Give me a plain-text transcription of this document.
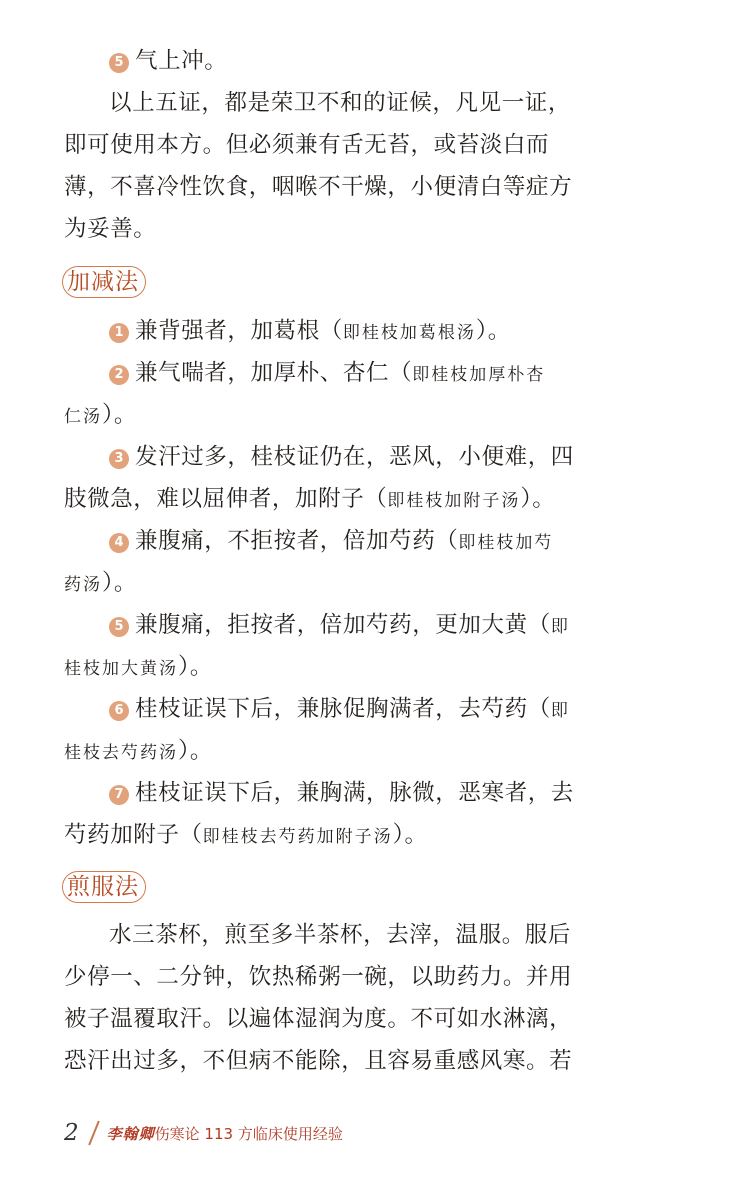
5 气上冲。
以上五证，都是荣卫不和的证候，凡见一证，
即可使用本方。但必须兼有舌无苔，或苔淡白而
薄，不喜冷性饮食，咽喉不干燥，小便清白等症方
为妥善。
加减法
1 兼背强者，加葛根（即桂枝加葛根汤）。
2 兼气喘者，加厚朴、杏仁（即桂枝加厚朴杏
仁汤）。
3 发汗过多，桂枝证仍在，恶风，小便难，四
肢微急，难以屈伸者，加附子（即桂枝加附子汤）。
4 兼腹痛，不拒按者，倍加芍药（即桂枝加芍
药汤）。
5 兼腹痛，拒按者，倍加芍药，更加大黄（即
桂枝加大黄汤）。
6 桂枝证误下后，兼脉促胸满者，去芍药（即
桂枝去芍药汤）。
7 桂枝证误下后，兼胸满，脉微，恶寒者，去
芍药加附子（即桂枝去芍药加附子汤）。
煎服法
水三茶杯，煎至多半茶杯，去滓，温服。服后
少停一、二分钟，饮热稀粥一碗，以助药力。并用
被子温覆取汗。以遍体湿润为度。不可如水淋漓，
恐汗出过多，不但病不能除，且容易重感风寒。若
2 李翰卿伤寒论 113 方临床使用经验
